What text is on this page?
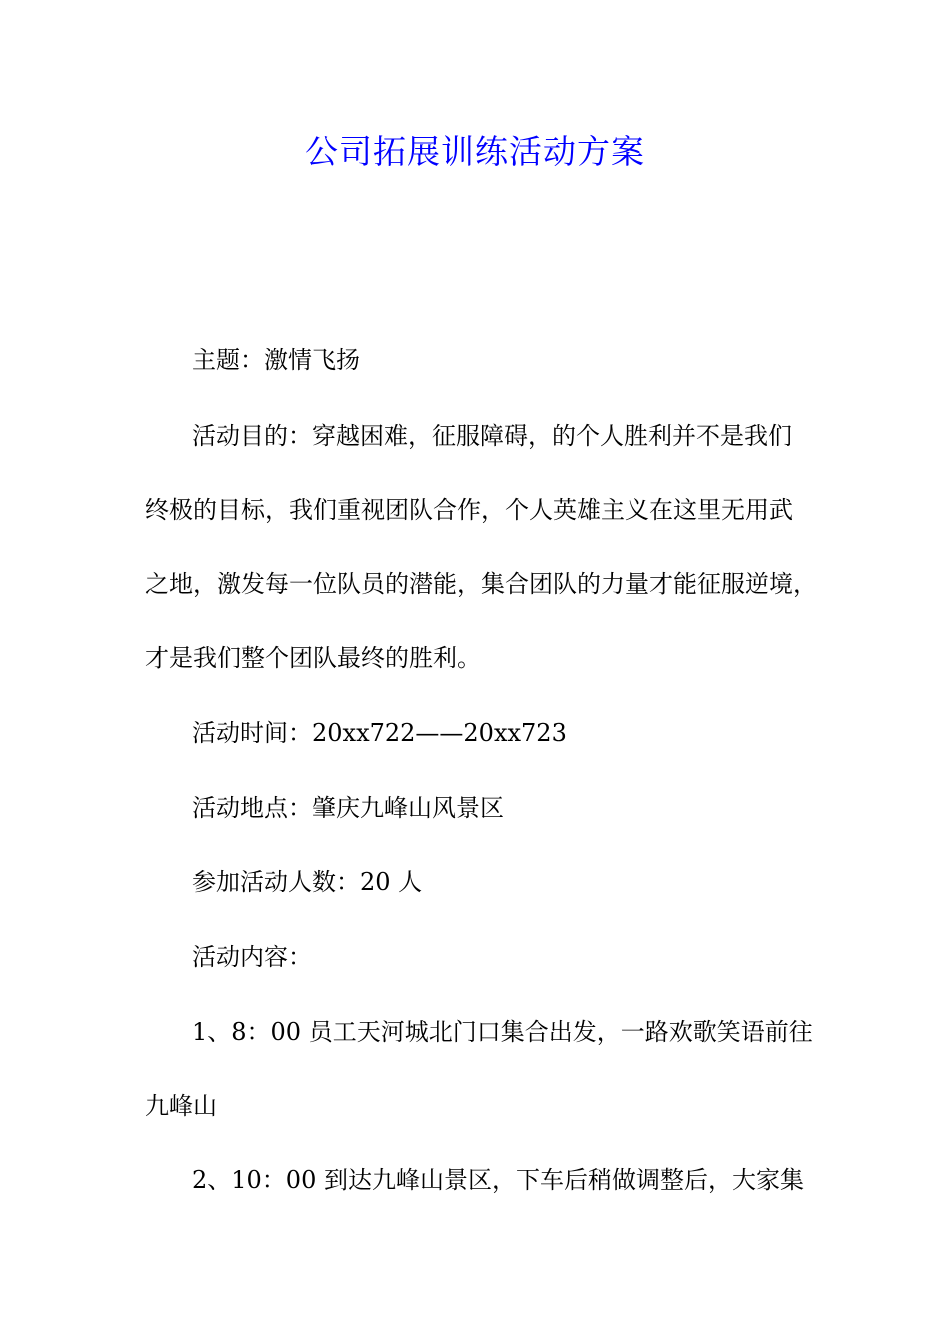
公司拓展训练活动方案
主题：激情飞扬
活动目的：穿越困难，征服障碍，的个人胜利并不是我们
终极的目标，我们重视团队合作，个人英雄主义在这里无用武
之地，激发每一位队员的潜能，集合团队的力量才能征服逆境，
才是我们整个团队最终的胜利。
活动时间：20xx722——20xx723
活动地点：肇庆九峰山风景区
参加活动人数：20 人
活动内容：
1、8：00 员工天河城北门口集合出发，一路欢歌笑语前往
九峰山
2、10：00 到达九峰山景区，下车后稍做调整后，大家集
